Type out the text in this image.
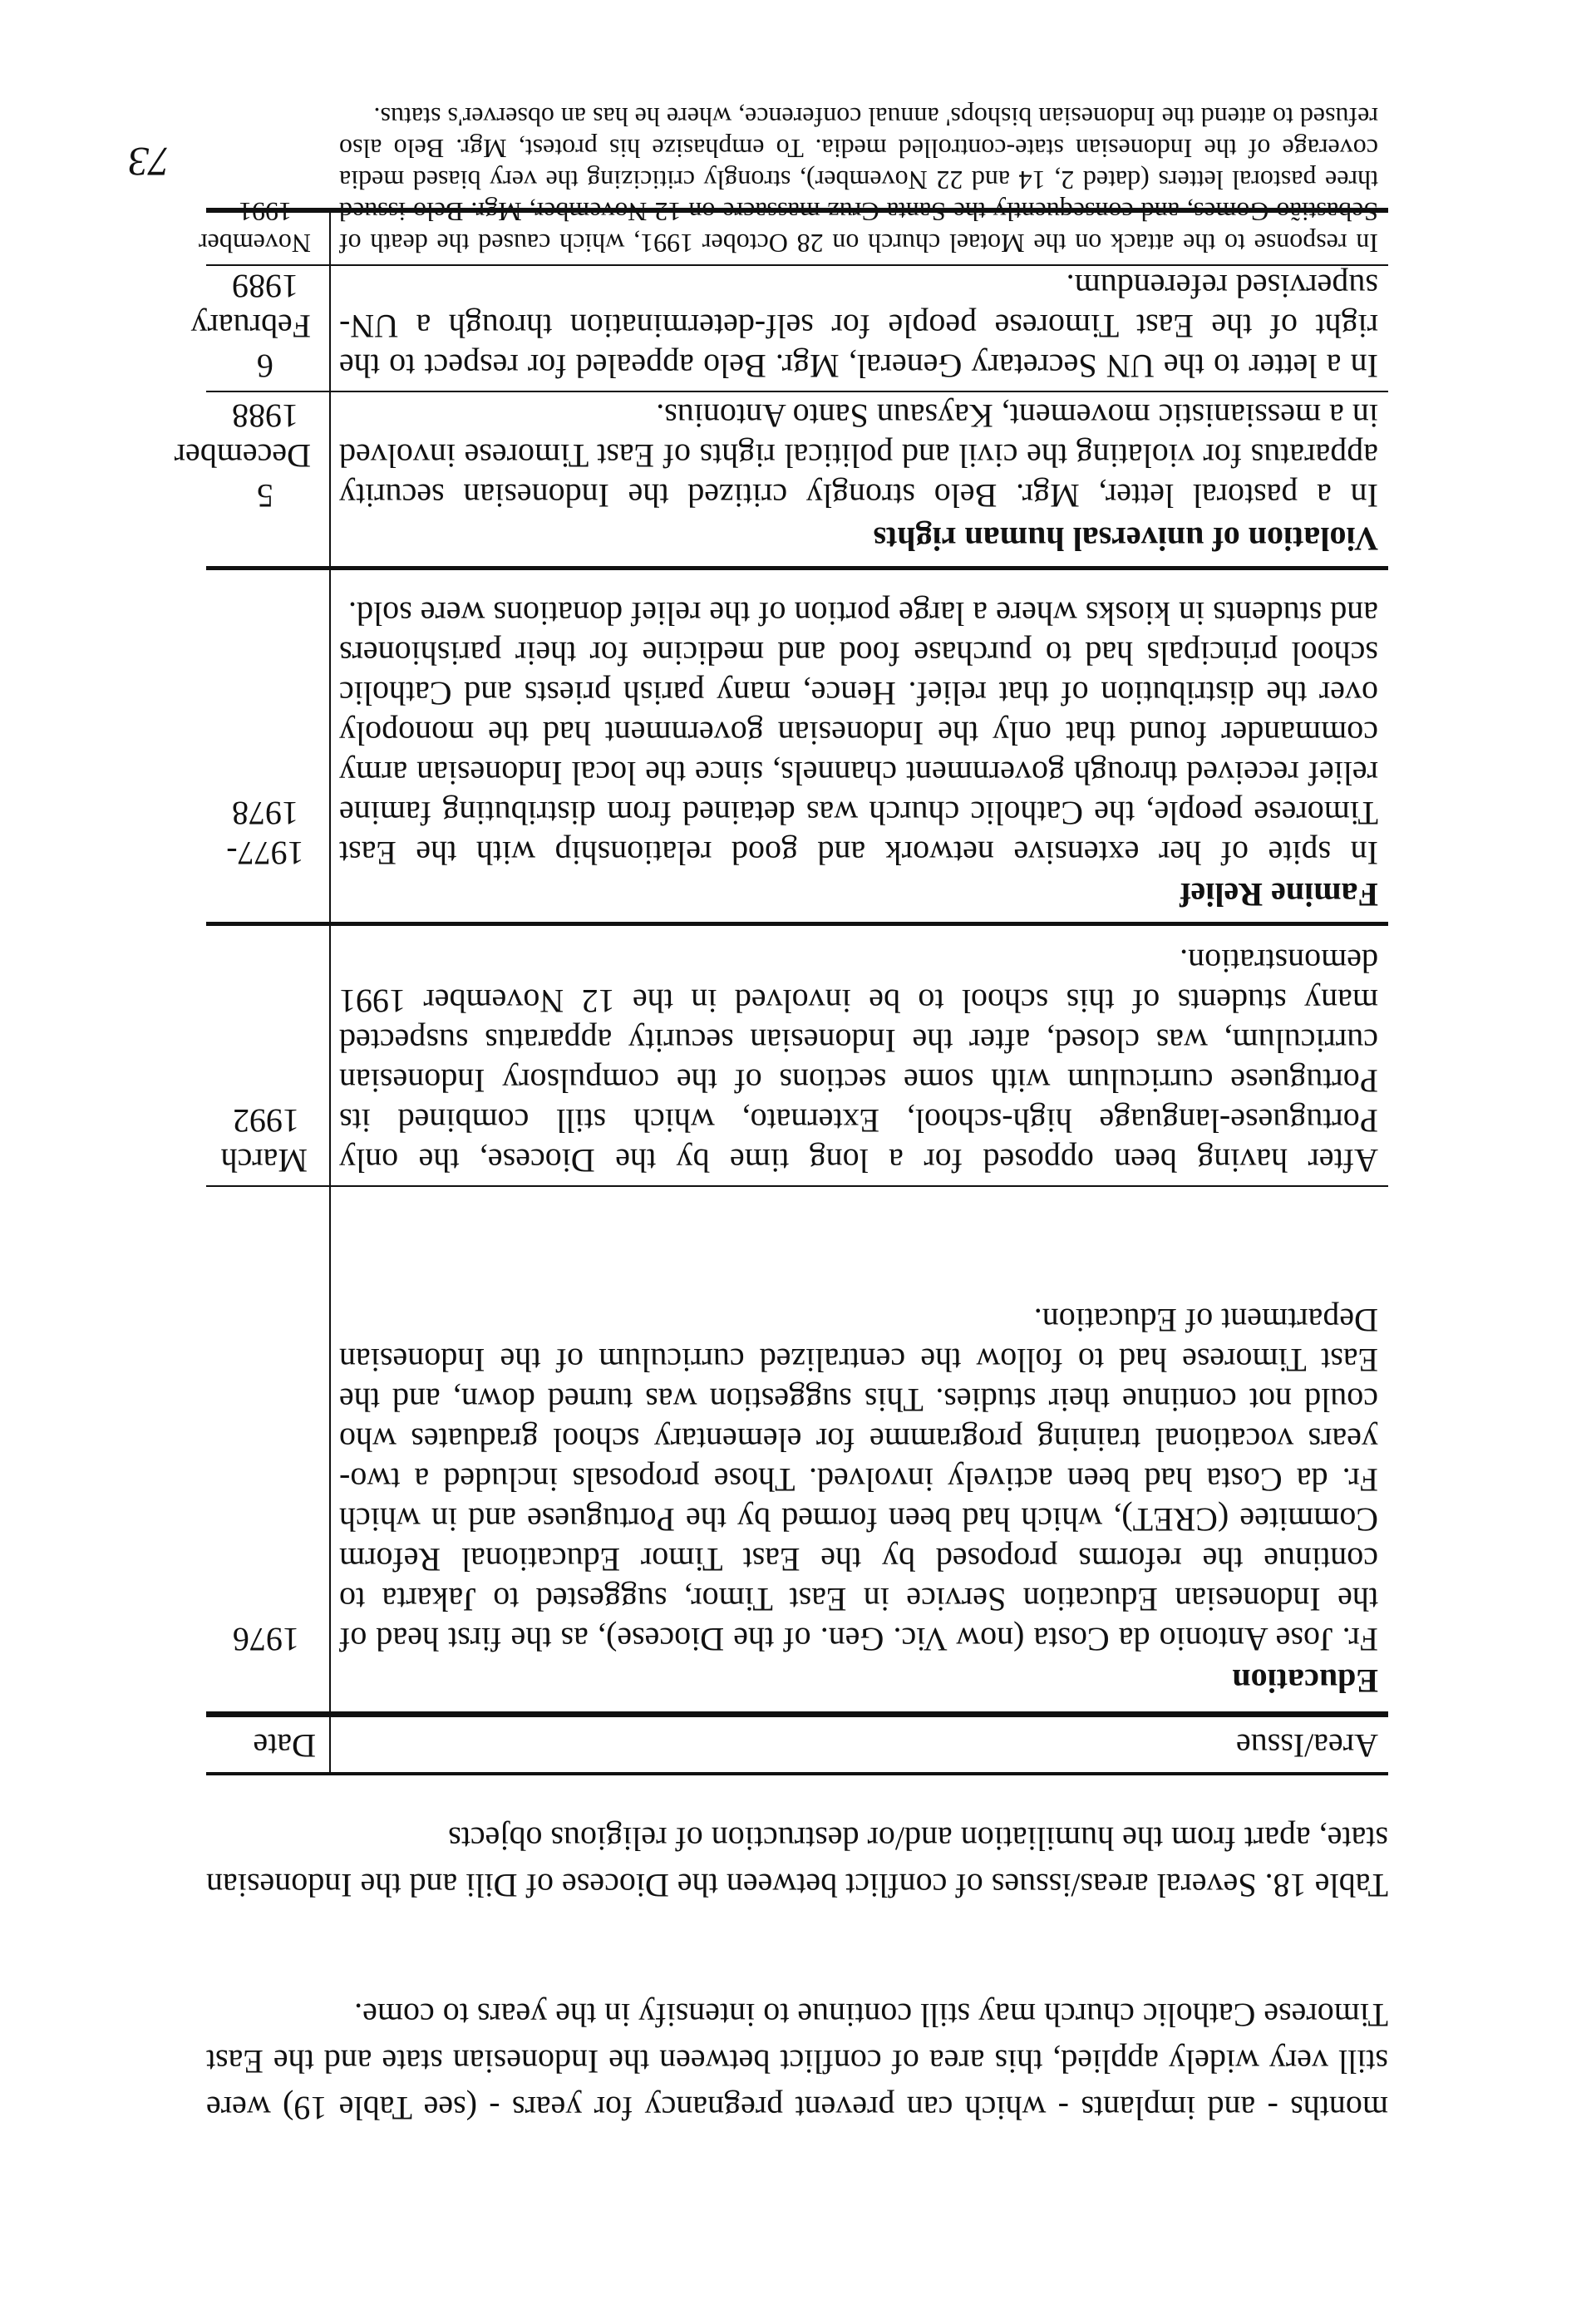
73
months - and implants - which can prevent pregnancy for years - (see Table 19) were still very widely applied, this area of conflict between the Indonesian state and the East Timorese Catholic church may still continue to intensify in the years to come.
Table 18. Several areas/issues of conflict between the Diocese of Dili and the Indonesian state, apart from the humiliation and/or destruction of religious objects
Area/Issue
Date
Education
Fr. Jose Antonio da Costa (now Vic. Gen. of the Diocese), as the first head of the Indonesian Education Service in East Timor, suggested to Jakarta to continue the reforms proposed by the East Timor Educational Reform Commitee (CRET), which had been formed by the Portuguese and in which Fr. da Costa had been actively involved. Those proposals included a two-years vocational training programme for elementary school graduates who could not continue their studies. This suggestion was turned down, and the East Timorese had to follow the centralized curriculum of the Indonesian Department of Education.
1976
After having been opposed for a long time by the Diocese, the only Portuguese-language high-school, Externato, which still combined its Portuguese curriculum with some sections of the compulsory Indonesian curriculum, was closed, after the Indonesian security apparatus suspected many students of this school to be involved in the 12 November 1991 demonstration.
March 1992
Famine Relief
In spite of her extensive network and good relationship with the East Timorese people, the Catholic church was detained from distributing famine relief received through government channels, since the local Indonesian army commander found that only the Indonesian government had the monopoly over the distribution of that relief. Hence, many parish priests and Catholic school principals had to purchase food and medicine for their parishioners and students in kiosks where a large portion of the relief donations were sold.
1977-1978
Violation of universal human rights
In a pastoral letter, Mgr. Belo strongly critized the Indonesian security apparatus for violating the civil and political rights of East Timorese involved in a messianistic movement, Kaysaun Santo Antonius.
5 December 1988
In a letter to the UN Secretary General, Mgr. Belo appealed for respect to the right of the East Timorese people for self-determination through a UN-supervised referendum.
6 February 1989
In response to the attack on the Motael church on 28 October 1991, which caused the death of three pastoral letters (dated 2, 14 and 22 November), strongly criticizing the very biased media coverage of the Indonesian state-controlled media. To emphasize his protest, Mgr. Belo also refused to attend the Indonesian bishops' annual conference, where he has an observer's status.
November
